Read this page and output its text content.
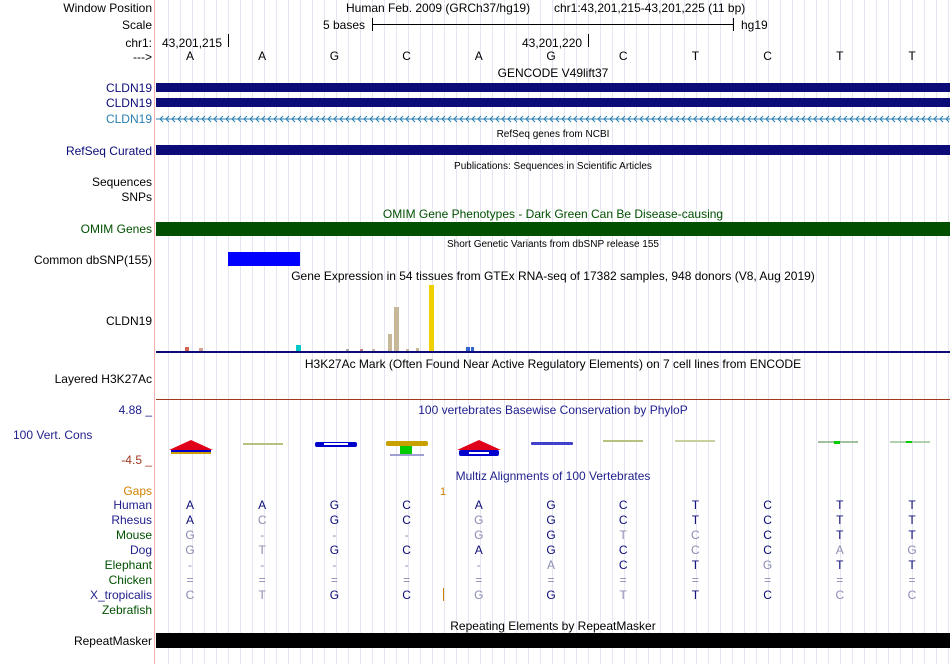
Window Position	Human Feb. 2009 (GRCh37/hg19) chr1:43,201,215-43,201,225 (11 bp)
Scale	5 bases	hg19
chr1: 43,201,215	43,201,220
--->	A	A	G	C	A	G	C	T	C	T	T
GENCODE V49lift37
CLDN19
CLDN19
CLDN19
RefSeq genes from NCBI
RefSeq Curated
Publications: Sequences in Scientific Articles
Sequences
SNPs
OMIM Gene Phenotypes - Dark Green Can Be Disease-causing
OMIM Genes
Short Genetic Variants from dbSNP release 155
Common dbSNP(155)
Gene Expression in 54 tissues from GTEx RNA-seq of 17382 samples, 948 donors (V8, Aug 2019)
CLDN19
H3K27Ac Mark (Often Found Near Active Regulatory Elements) on 7 cell lines from ENCODE
Layered H3K27Ac
100 vertebrates Basewise Conservation by PhyloP
4.88 _
100 Vert. Cons
-4.5 _
Multiz Alignments of 100 Vertebrates
Gaps	1
Human	A	A	G	C	A	G	C	T	C	T	T
Rhesus	A	C	G	C	G	G	C	T	C	T	T
Mouse	G	-	-	-	G	G	T	C	C	T	T
Dog	G	T	G	C	A	G	C	C	C	A	G
Elephant	-	-	-	-	-	A	C	T	G	T	T
Chicken	=	=	=	=	=	=	=	=	=	=	=
X_tropicalis	C	T	G	C	G	G	T	T	C	C	C
Zebrafish
Repeating Elements by RepeatMasker
RepeatMasker
